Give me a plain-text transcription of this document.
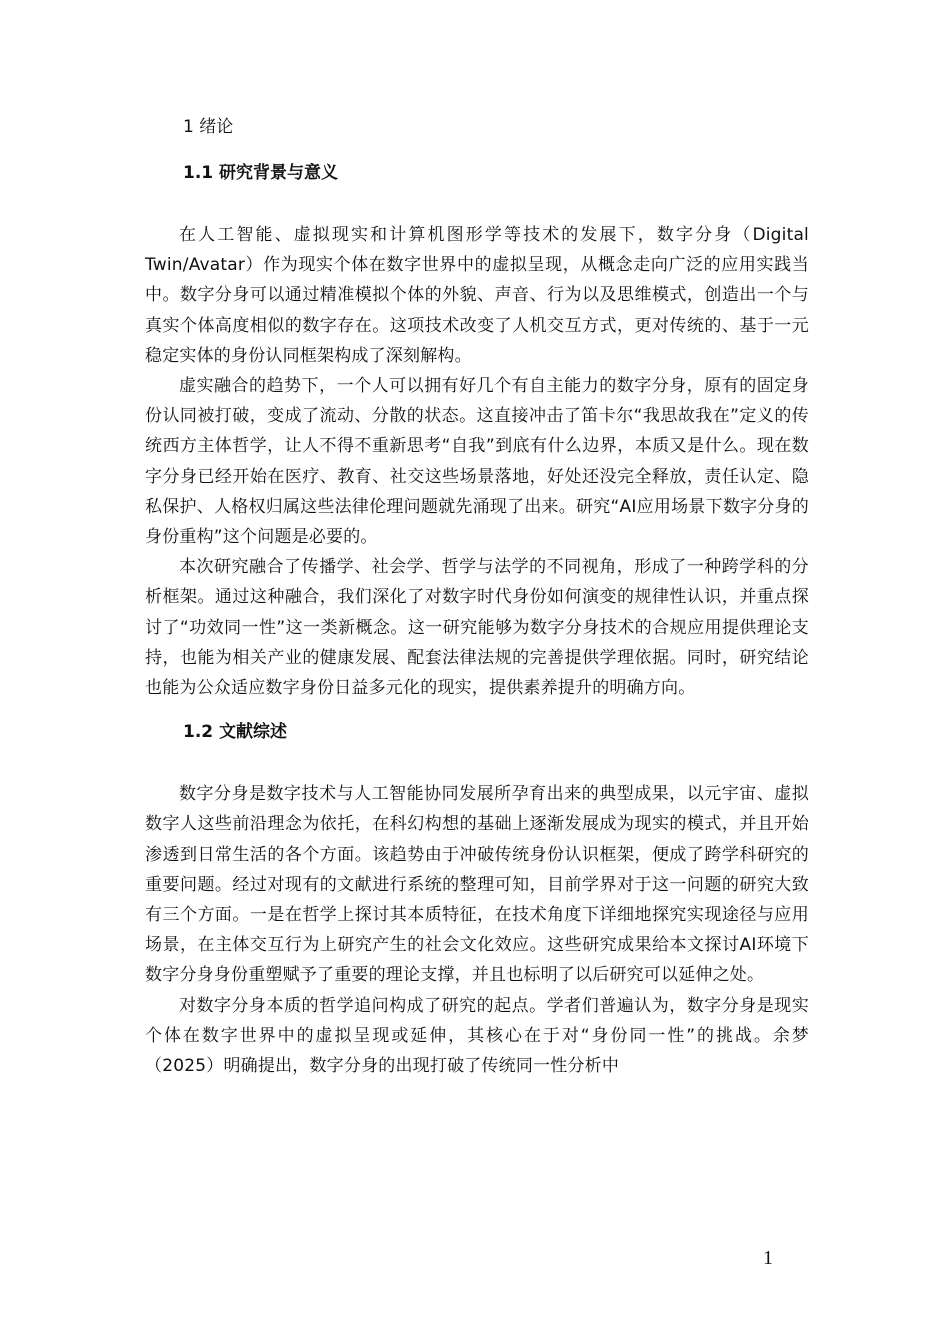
1 绪论
1.1 研究背景与意义

在人工智能、虚拟现实和计算机图形学等技术的发展下，数字分身（Digital Twin/Avatar）作为现实个体在数字世界中的虚拟呈现，从概念走向广泛的应用实践当中。数字分身可以通过精准模拟个体的外貌、声音、行为以及思维模式，创造出一个与真实个体高度相似的数字存在。这项技术改变了人机交互方式，更对传统的、基于一元稳定实体的身份认同框架构成了深刻解构。

虚实融合的趋势下，一个人可以拥有好几个有自主能力的数字分身，原有的固定身份认同被打破，变成了流动、分散的状态。这直接冲击了笛卡尔“我思故我在”定义的传统西方主体哲学，让人不得不重新思考“自我”到底有什么边界，本质又是什么。现在数字分身已经开始在医疗、教育、社交这些场景落地，好处还没完全释放，责任认定、隐私保护、人格权归属这些法律伦理问题就先涌现了出来。研究“AI应用场景下数字分身的身份重构”这个问题是必要的。

本次研究融合了传播学、社会学、哲学与法学的不同视角，形成了一种跨学科的分析框架。通过这种融合，我们深化了对数字时代身份如何演变的规律性认识，并重点探讨了“功效同一性”这一类新概念。这一研究能够为数字分身技术的合规应用提供理论支持，也能为相关产业的健康发展、配套法律法规的完善提供学理依据。同时，研究结论也能为公众适应数字身份日益多元化的现实，提供素养提升的明确方向。

1.2 文献综述

数字分身是数字技术与人工智能协同发展所孕育出来的典型成果，以元宇宙、虚拟数字人这些前沿理念为依托，在科幻构想的基础上逐渐发展成为现实的模式，并且开始渗透到日常生活的各个方面。该趋势由于冲破传统身份认识框架，便成了跨学科研究的重要问题。经过对现有的文献进行系统的整理可知，目前学界对于这一问题的研究大致有三个方面。一是在哲学上探讨其本质特征，在技术角度下详细地探究实现途径与应用场景，在主体交互行为上研究产生的社会文化效应。这些研究成果给本文探讨AI环境下数字分身身份重塑赋予了重要的理论支撑，并且也标明了以后研究可以延伸之处。

对数字分身本质的哲学追问构成了研究的起点。学者们普遍认为，数字分身是现实个体在数字世界中的虚拟呈现或延伸，其核心在于对“身份同一性”的挑战。余梦（2025）明确提出，数字分身的出现打破了传统同一性分析中

1
